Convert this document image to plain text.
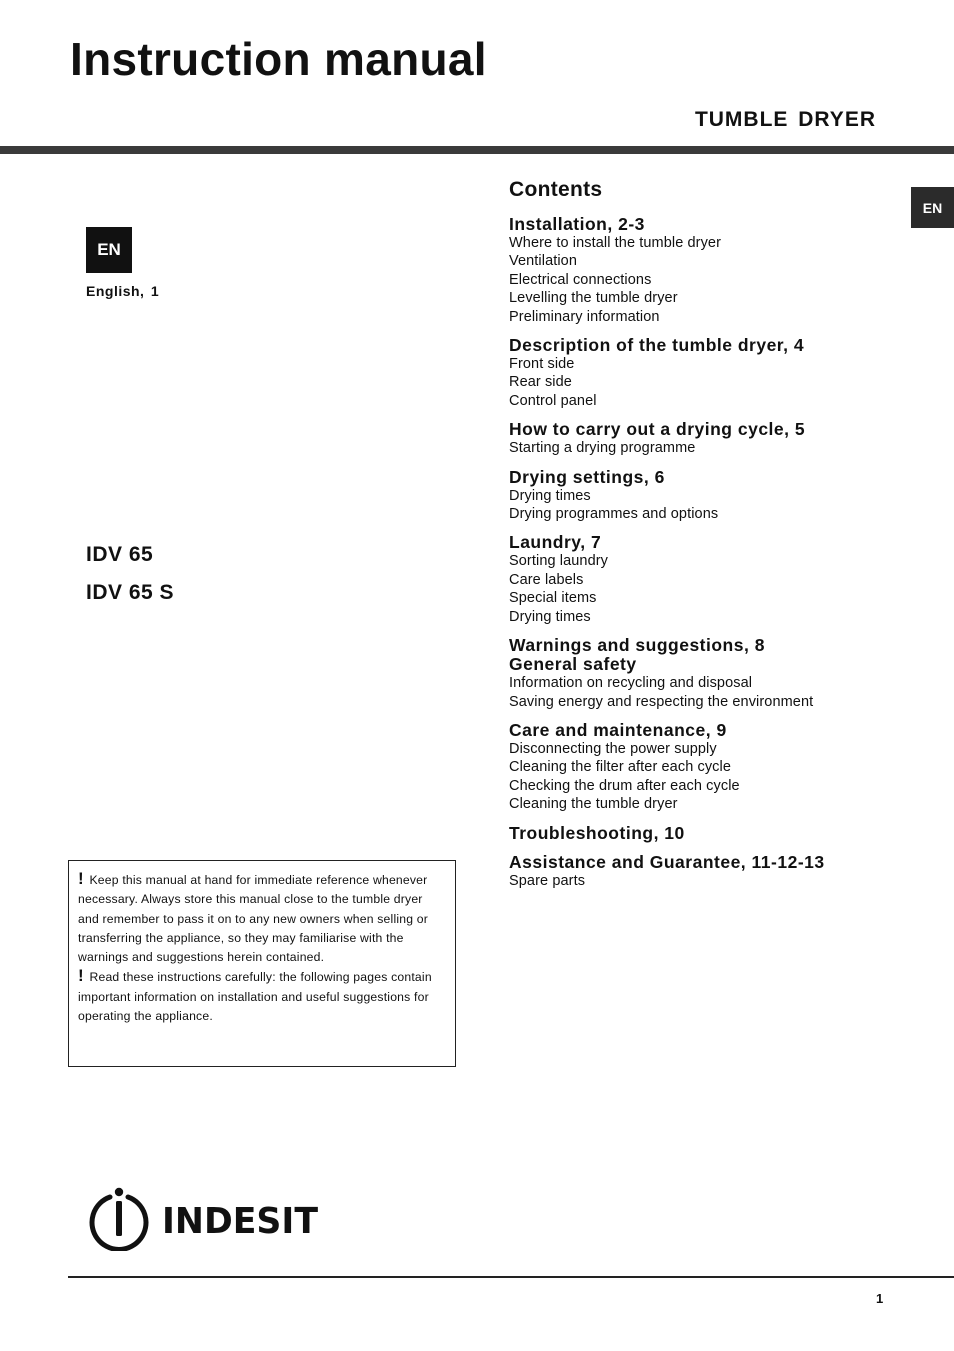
Instruction manual
TUMBLE DRYER
EN
EN
English, 1
IDV 65
IDV 65 S
Contents
Installation, 2-3
Where to install the tumble dryer
Ventilation
Electrical connections
Levelling the tumble dryer
Preliminary information
Description of the tumble dryer, 4
Front side
Rear side
Control panel
How to carry out a drying cycle, 5
Starting a drying programme
Drying settings, 6
Drying times
Drying programmes and options
Laundry, 7
Sorting laundry
Care labels
Special items
Drying times
Warnings and suggestions, 8
General safety
Information on recycling and disposal
Saving energy and respecting the environment
Care and maintenance, 9
Disconnecting the power supply
Cleaning the filter after each cycle
Checking the drum after each cycle
Cleaning the tumble dryer
Troubleshooting, 10
Assistance and Guarantee, 11-12-13
Spare parts
! Keep this manual at hand for immediate reference whenever necessary. Always store this manual close to the tumble dryer and remember to pass it on to any new owners when selling or transferring the appliance, so they may familiarise with the warnings and suggestions herein contained.
! Read these instructions carefully: the following pages contain important information on installation and useful suggestions for operating the appliance.
INDESIT
1
